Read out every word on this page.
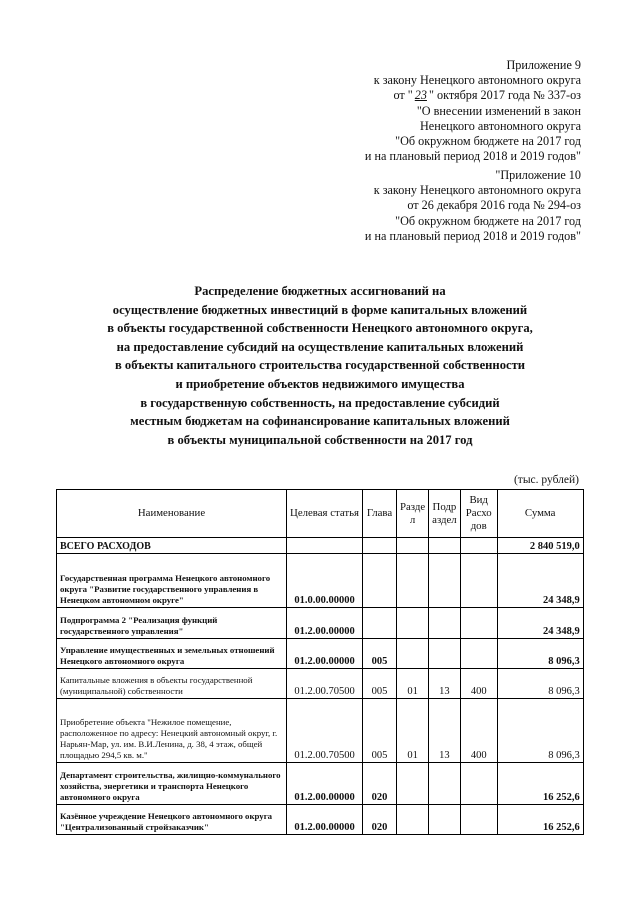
Приложение 9
к закону Ненецкого автономного округа
от " 23 " октября 2017 года № 337-оз
"О внесении изменений в закон
Ненецкого автономного округа
"Об окружном бюджете на 2017 год
и на плановый период 2018 и 2019 годов"
"Приложение 10
к закону Ненецкого автономного округа
от 26 декабря 2016 года № 294-оз
"Об окружном бюджете на 2017 год
и на плановый период 2018 и 2019 годов"
Распределение бюджетных ассигнований на
осуществление бюджетных инвестиций в форме капитальных вложений
в объекты государственной собственности Ненецкого автономного округа,
на предоставление субсидий на осуществление капитальных вложений
в объекты капитального строительства государственной собственности
и приобретение объектов недвижимого имущества
в государственную собственность, на предоставление субсидий
местным бюджетам на софинансирование капитальных вложений
в объекты муниципальной собственности на 2017 год
(тыс. рублей)
Наименование	Целевая статья	Глава	Разде л	Подр аздел	Вид Расхо дов	Сумма
ВСЕГО РАСХОДОВ						2 840 519,0
Государственная программа Ненецкого автономного округа "Развитие государственного управления в Ненецком автономном округе"	01.0.00.00000					24 348,9
Подпрограмма 2 "Реализация функций государственного управления"	01.2.00.00000					24 348,9
Управление имущественных и земельных отношений Ненецкого автономного округа	01.2.00.00000	005				8 096,3
Капитальные вложения в объекты государственной (муниципальной) собственности	01.2.00.70500	005	01	13	400	8 096,3
Приобретение объекта "Нежилое помещение, расположенное по адресу: Ненецкий автономный округ, г. Нарьян-Мар, ул. им. В.И.Ленина, д. 38, 4 этаж, общей площадью 294,5 кв. м."	01.2.00.70500	005	01	13	400	8 096,3
Департамент строительства, жилищно-коммунального хозяйства, энергетики и транспорта Ненецкого автономного округа	01.2.00.00000	020				16 252,6
Казённое учреждение Ненецкого автономного округа "Централизованный стройзаказчик"	01.2.00.00000	020				16 252,6
